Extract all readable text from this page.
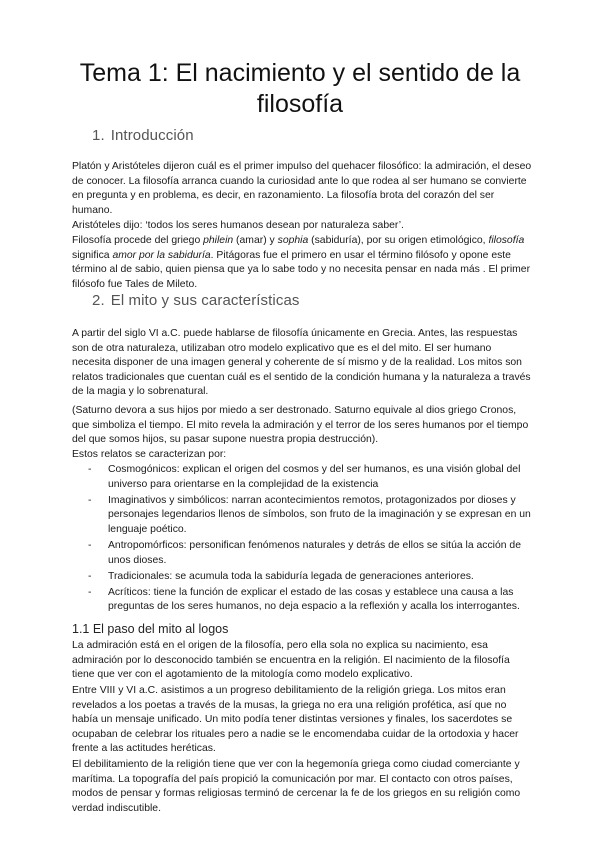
Tema 1: El nacimiento y el sentido de la filosofía
1. Introducción

Platón y Aristóteles dijeron cuál es el primer impulso del quehacer filosófico: la admiración, el deseo de conocer. La filosofía arranca cuando la curiosidad ante lo que rodea al ser humano se convierte en pregunta y en problema, es decir, en razonamiento. La filosofía brota del corazón del ser humano.

Aristóteles dijo: ‘todos los seres humanos desean por naturaleza saber’.

Filosofía procede del griego philein (amar) y sophia (sabiduría), por su origen etimológico, filosofía significa amor por la sabiduría. Pitágoras fue el primero en usar el término filósofo y opone este término al de sabio, quien piensa que ya lo sabe todo y no necesita pensar en nada más . El primer filósofo fue Tales de Mileto.

2. El mito y sus características

A partir del siglo VI a.C. puede hablarse de filosofía únicamente en Grecia. Antes, las respuestas son de otra naturaleza, utilizaban otro modelo explicativo que es el del mito. El ser humano necesita disponer de una imagen general y coherente de sí mismo y de la realidad. Los mitos son relatos tradicionales que cuentan cuál es el sentido de la condición humana y la naturaleza a través de la magia y lo sobrenatural.

(Saturno devora a sus hijos por miedo a ser destronado. Saturno equivale al dios griego Cronos, que simboliza el tiempo. El mito revela la admiración y el terror de los seres humanos por el tiempo del que somos hijos, su pasar supone nuestra propia destrucción).

Estos relatos se caracterizan por:

- Cosmogónicos: explican el origen del cosmos y del ser humanos, es una visión global del universo para orientarse en la complejidad de la existencia
- Imaginativos y simbólicos: narran acontecimientos remotos, protagonizados por dioses y personajes legendarios llenos de símbolos, son fruto de la imaginación y se expresan en un lenguaje poético.
- Antropomórficos: personifican fenómenos naturales y detrás de ellos se sitúa la acción de unos dioses.
- Tradicionales: se acumula toda la sabiduría legada de generaciones anteriores.
- Acríticos: tiene la función de explicar el estado de las cosas y establece una causa a las preguntas de los seres humanos, no deja espacio a la reflexión y acalla los interrogantes.
1.1 El paso del mito al logos

La admiración está en el origen de la filosofía, pero ella sola no explica su nacimiento, esa admiración por lo desconocido también se encuentra en la religión. El nacimiento de la filosofía tiene que ver con el agotamiento de la mitología como modelo explicativo.

Entre VIII y VI a.C. asistimos a un progreso debilitamiento de la religión griega. Los mitos eran revelados a los poetas a través de la musas, la griega no era una religión profética, así que no había un mensaje unificado. Un mito podía tener distintas versiones y finales, los sacerdotes se ocupaban de celebrar los rituales pero a nadie se le encomendaba cuidar de la ortodoxia y hacer frente a las actitudes heréticas.

El debilitamiento de la religión tiene que ver con la hegemonía griega como ciudad comerciante y marítima. La topografía del país propició la comunicación por mar. El contacto con otros países, modos de pensar y formas religiosas terminó de cercenar la fe de los griegos en su religión como verdad indiscutible.
